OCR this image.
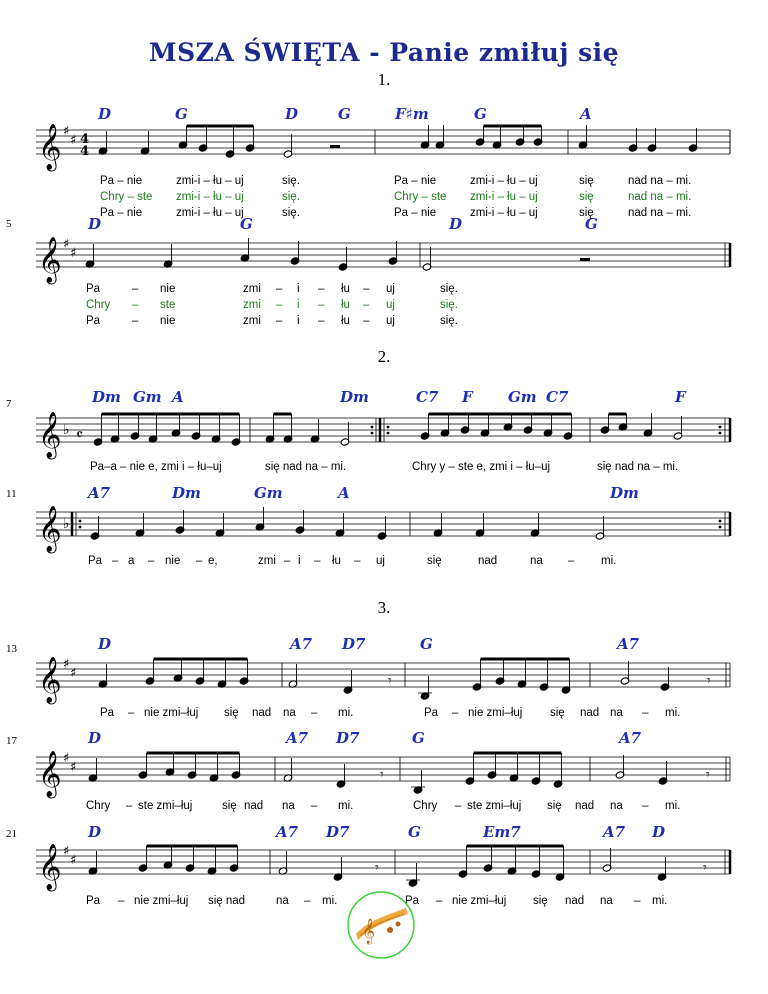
MSZA ŚWIĘTA - Panie zmiłuj się
1.
2.
3.
5
7
11
13
17
21
D	G	D	G	F♯m	G	A
D	G	D	G
Dm Gm A	Dm	C7 F Gm C7	F
A7	Dm	Gm	A	Dm
D	A7 D7	G	A7
D	A7 D7	G	A7
D	A7 D7	G	Em7	A7 D
Pa – nie	zmi-i – łu – uj	się.	Pa – nie	zmi-i – łu – uj	się	nad na – mi.
Chry – ste zmi-i – łu – uj	się.	Chry – ste zmi-i – łu – uj	się	nad na – mi.
Pa – nie	zmi-i – łu – uj	się.	Pa – nie	zmi-i – łu – uj	się	nad na – mi.
Pa	– nie	zmi – i – łu – uj	się.
Chry – ste	zmi – i – łu – uj	się.
Pa	– nie	zmi – i – łu – uj	się.
Pa–a – nie e, zmi i – łu–uj	się nad na – mi.	Chry y – ste e, zmi i – łu–uj	się nad na – mi.
Pa – a – nie – e,	zmi – i – łu – uj	się	nad	na – mi.
Pa – nie zmi–łuj się nad na – mi.	Pa – nie zmi–łuj się nad na – mi.
Chry – ste zmi–łuj	się nad na – mi.	Chry – ste zmi–łuj się nad na – mi.
Pa – nie zmi–łuj się nad	na – mi.	Pa – nie zmi–łuj się nad na – mi.
𝄞 ♯
♯ 4
4
𝄞 ♯
♯
𝄞 ♭ 𝄴
𝄞 ♭
𝄞 ♯
♯
𝄞 ♯
♯
𝄞 ♯
♯
𝄾	𝄾
𝄾	𝄾
𝄾	𝄾
𝄞
